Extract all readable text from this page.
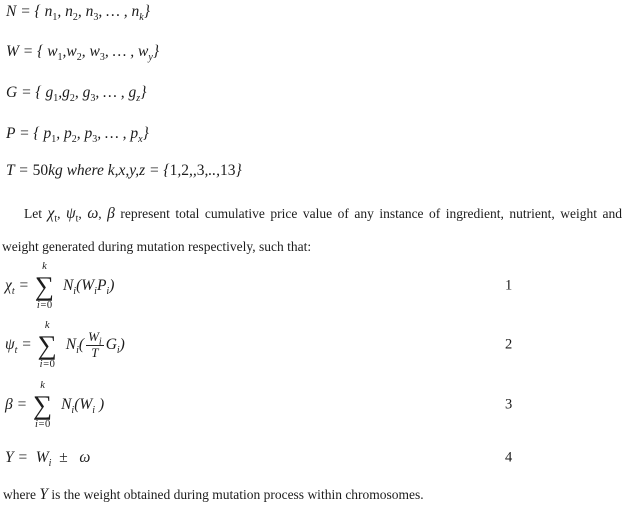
N = { $n_1$, $n_2$, $n_3$, … , $n_k$}
W = { $w_1,w_2$, $w_3$, … , $w_y$}
G = { $g_1,g_2$, $g_3$, … , $g_z$}
P = { $p_1$, $p_2$, $p_3$, … , $p_x$}
T = 50kg where k,x,y,z = {1,2,,3,..,13}
Let $\chi_t$, $\psi_t$, ω, β represent total cumulative price value of any instance of ingredient, nutrient, weight and
weight generated during mutation respectively, such that:
$\chi_t$ =
k
∑
i=0
$N_i(W_iP_i)$	1
$\psi_t$ =
k
∑
i=0
$N_i( \frac{W_i}{T} G_i)$	2
β =
k
∑
i=0
$N_i(W_i$ )	3
$\Upsilon = W_i \pm \omega$	4
where Υ is the weight obtained during mutation process within chromosomes.
